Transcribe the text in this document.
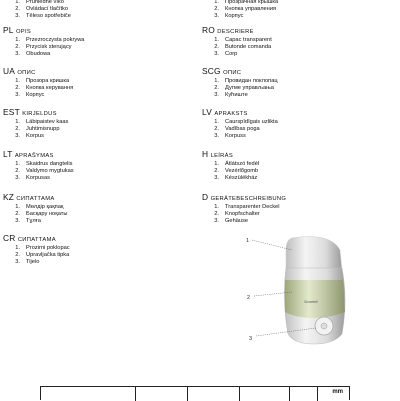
1. Průhledné víko
2. Ovládací tlačítko
3. Těleso spotřebiče
PL OPIS
1. Przezroczysta pokrywa
2. Przycisk sterujący
3. Obudowa
UA ОПИС
1. Прозора кришка
2. Кнопка керування
3. Корпус
EST KIRJELDUS
1. Läbipaistev kaas
2. Juhtimisnupp
3. Korpus
LT APRAŠYMAS
1. Skaidrus dangtelis
2. Valdymo mygtukas
3. Korpusas
KZ СИПАТТАМА
1. Мөлдір қақпақ
2. Басқару ноқаты
3. Тұлға
CR СИПАТТАМА
1. Prozirni poklopac
2. Upravljačka tipka
3. Tijelo
1. Прозрачная крышка
2. Кнопка управления
3. Корпус
RO DESCRIERE
1. Capac transparent
2. Butonde comanda
3. Corp
SCG ОПИС
1. Провидан поклопац
2. Дугме управљања
3. Кућиште
LV APRAKSTS
1. Caurspīdīgais uzlikta
2. Vadības poga
3. Korpuss
H LEÍRÁS
1. Átlátszó fedél
2. Vezérlőgomb
3. Készülékház
D GERÄTEBESCHREIBUNG
1. Transparenter Deckel
2. Knopfschalter
3. Gehäuse
Scarlett
1
2
3
mm
